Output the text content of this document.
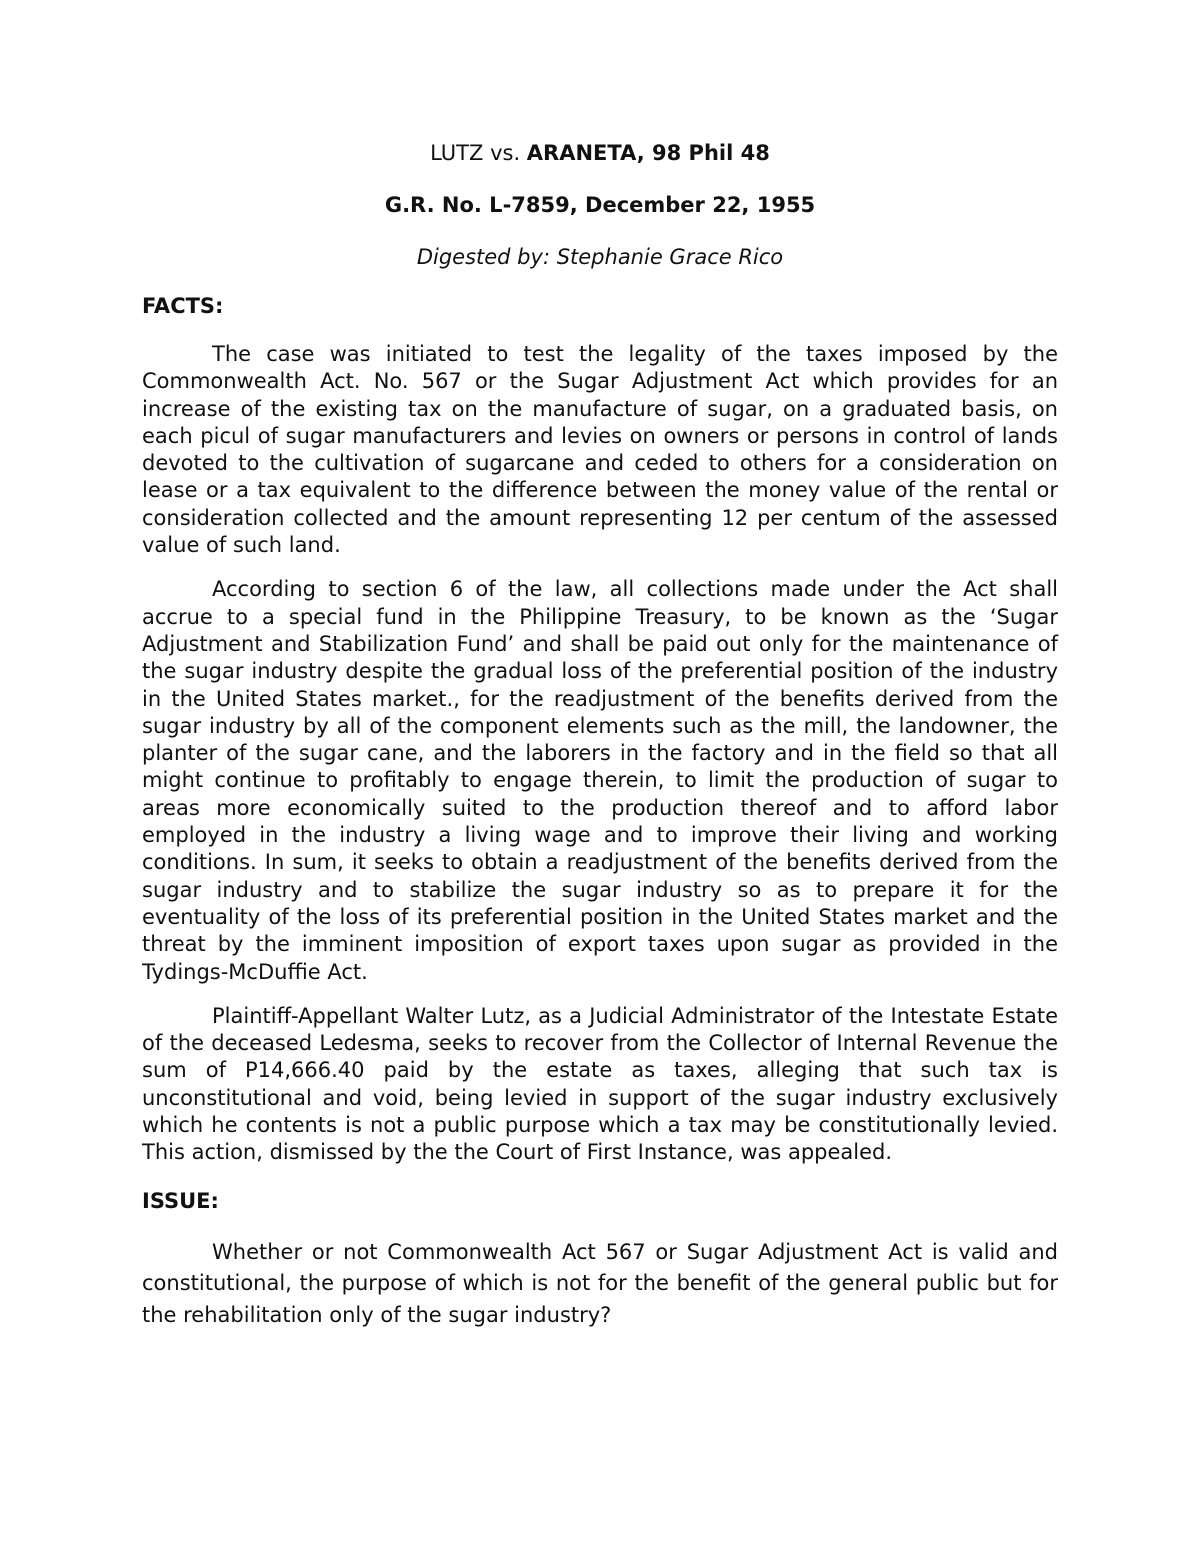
LUTZ vs. ARANETA, 98 Phil 48

G.R. No. L-7859, December 22, 1955

Digested by: Stephanie Grace Rico

FACTS:

The case was initiated to test the legality of the taxes imposed by the Commonwealth Act. No. 567 or the Sugar Adjustment Act which provides for an increase of the existing tax on the manufacture of sugar, on a graduated basis, on each picul of sugar manufacturers and levies on owners or persons in control of lands devoted to the cultivation of sugarcane and ceded to others for a consideration on lease or a tax equivalent to the difference between the money value of the rental or consideration collected and the amount representing 12 per centum of the assessed value of such land.

According to section 6 of the law, all collections made under the Act shall accrue to a special fund in the Philippine Treasury, to be known as the ‘Sugar Adjustment and Stabilization Fund’ and shall be paid out only for the maintenance of the sugar industry despite the gradual loss of the preferential position of the industry in the United States market., for the readjustment of the benefits derived from the sugar industry by all of the component elements such as the mill, the landowner, the planter of the sugar cane, and the laborers in the factory and in the field so that all might continue to profitably to engage therein, to limit the production of sugar to areas more economically suited to the production thereof and to afford labor employed in the industry a living wage and to improve their living and working conditions. In sum, it seeks to obtain a readjustment of the benefits derived from the sugar industry and to stabilize the sugar industry so as to prepare it for the eventuality of the loss of its preferential position in the United States market and the threat by the imminent imposition of export taxes upon sugar as provided in the Tydings-McDuffie Act.

Plaintiff-Appellant Walter Lutz, as a Judicial Administrator of the Intestate Estate of the deceased Ledesma, seeks to recover from the Collector of Internal Revenue the sum of P14,666.40 paid by the estate as taxes, alleging that such tax is unconstitutional and void, being levied in support of the sugar industry exclusively which he contents is not a public purpose which a tax may be constitutionally levied. This action, dismissed by the the Court of First Instance, was appealed.

ISSUE:

Whether or not Commonwealth Act 567 or Sugar Adjustment Act is valid and constitutional, the purpose of which is not for the benefit of the general public but for the rehabilitation only of the sugar industry?
